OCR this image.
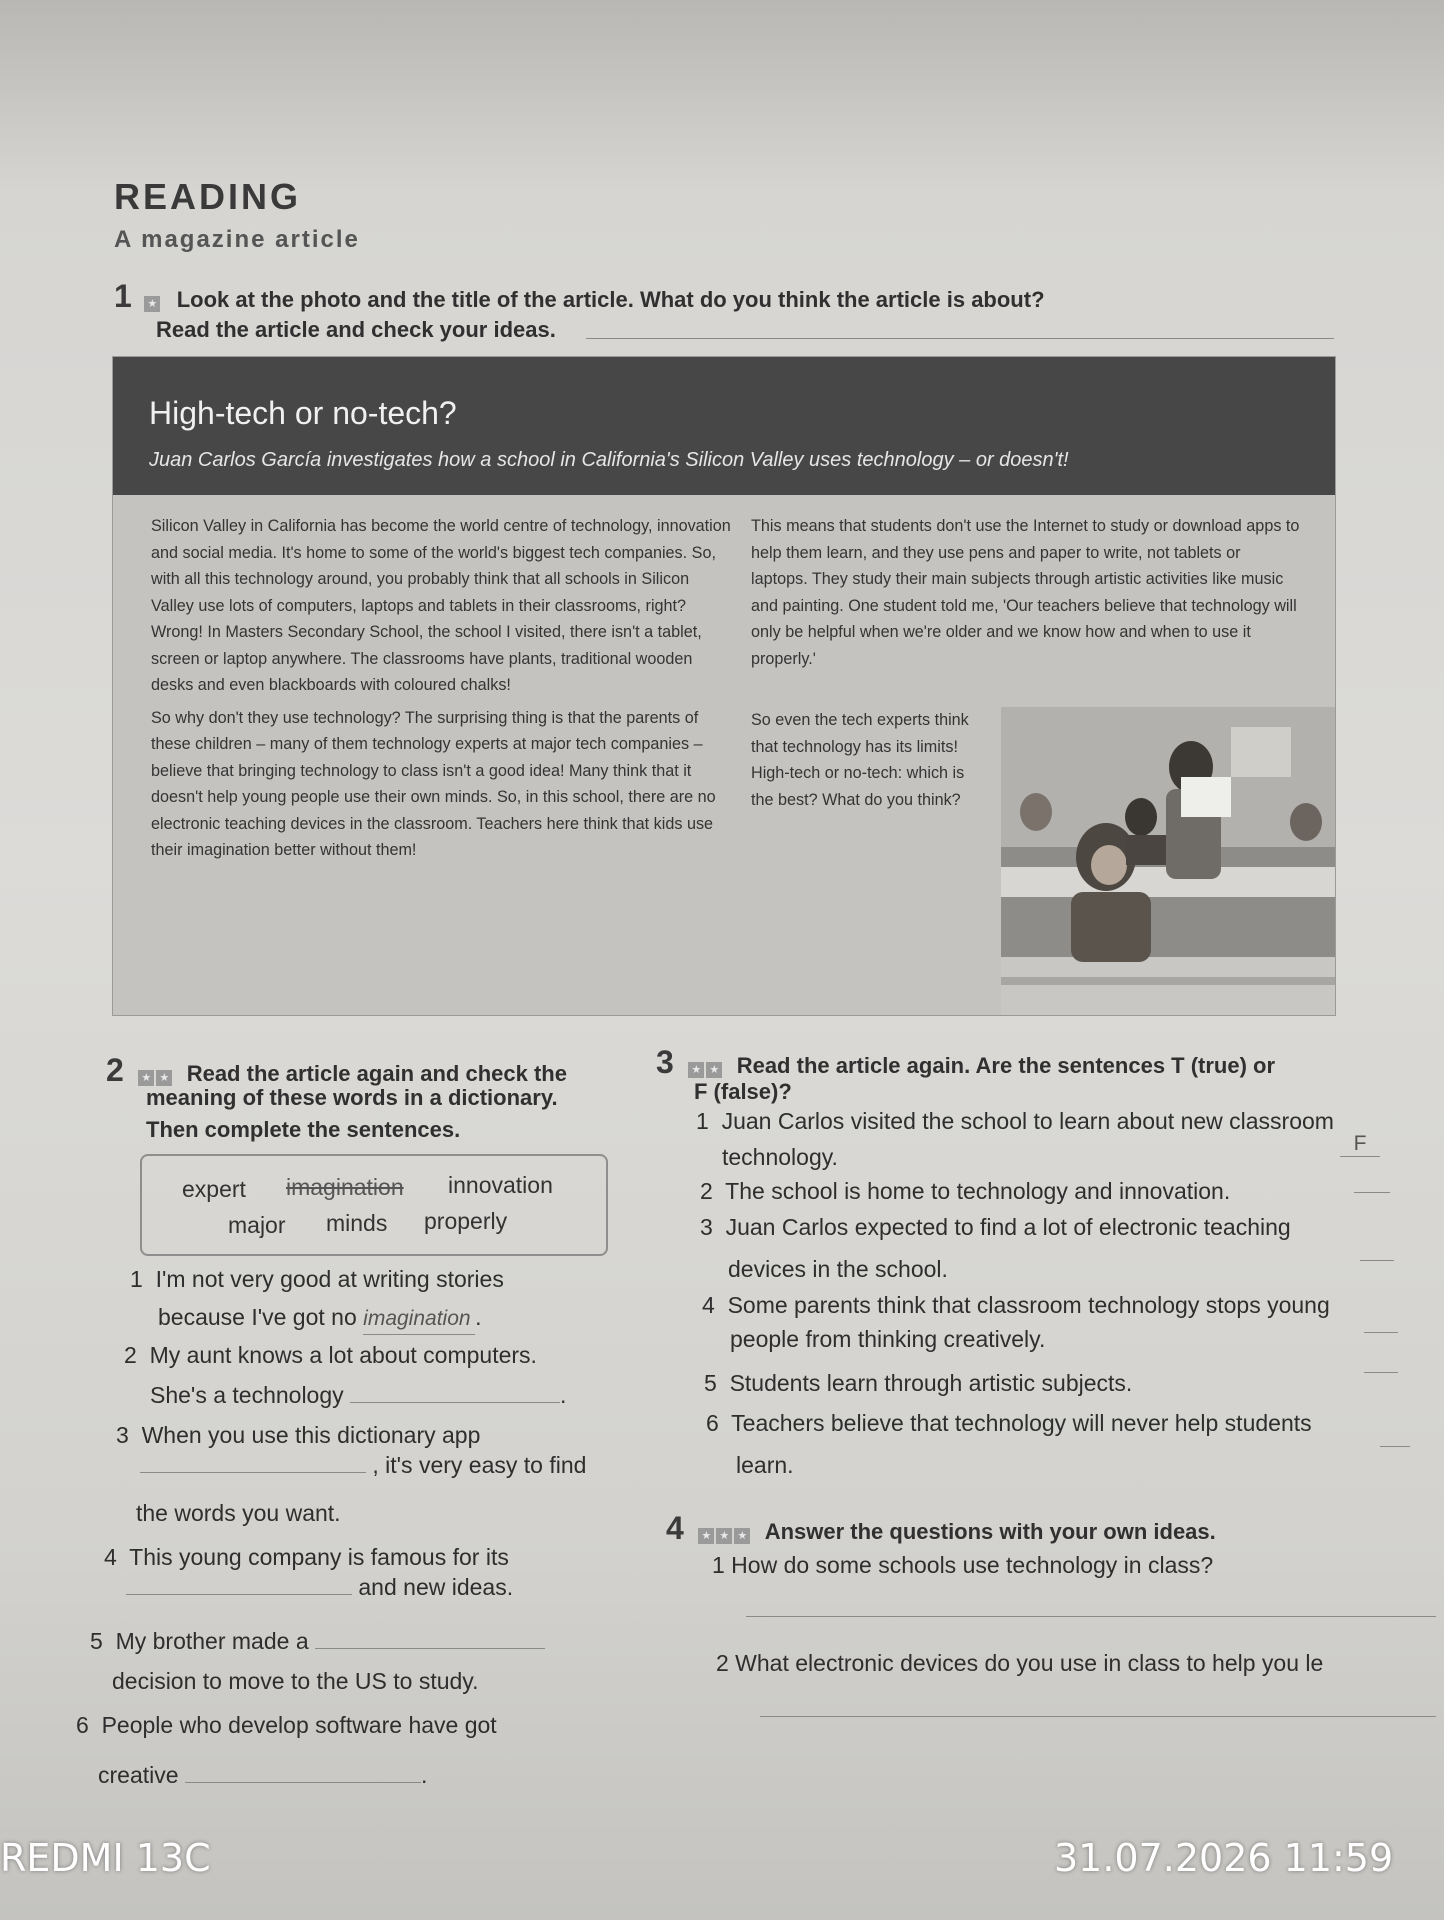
READING
A magazine article
1 ★ Look at the photo and the title of the article. What do you think the article is about?
Read the article and check your ideas.
High-tech or no-tech?
Juan Carlos García investigates how a school in California's Silicon Valley uses technology – or doesn't!

Silicon Valley in California has become the world centre of technology, innovation and social media. It's home to some of the world's biggest tech companies. So, with all this technology around, you probably think that all schools in Silicon Valley use lots of computers, laptops and tablets in their classrooms, right? Wrong! In Masters Secondary School, the school I visited, there isn't a tablet, screen or laptop anywhere. The classrooms have plants, traditional wooden desks and even blackboards with coloured chalks!

So why don't they use technology? The surprising thing is that the parents of these children – many of them technology experts at major tech companies – believe that bringing technology to class isn't a good idea! Many think that it doesn't help young people use their own minds. So, in this school, there are no electronic teaching devices in the classroom. Teachers here think that kids use their imagination better without them!

This means that students don't use the Internet to study or download apps to help them learn, and they use pens and paper to write, not tablets or laptops. They study their main subjects through artistic activities like music and painting. One student told me, 'Our teachers believe that technology will only be helpful when we're older and we know how and when to use it properly.'

So even the tech experts think that technology has its limits! High-tech or no-tech: which is the best? What do you think?

2 ★ ★ Read the article again and check the
meaning of these words in a dictionary.
Then complete the sentences.
expert imagination innovation
major minds properly
1 I'm not very good at writing stories
because I've got no imagination .
2 My aunt knows a lot about computers.
She's a technology	.
3 When you use this dictionary app
, it's very easy to find
the words you want.
4 This young company is famous for its
and new ideas.
5 My brother made a
decision to move to the US to study.
6 People who develop software have got
creative	.
3 ★ ★ Read the article again. Are the sentences T (true) or
F (false)?
1 Juan Carlos visited the school to learn about new classroom
technology.
F
2 The school is home to technology and innovation.
3 Juan Carlos expected to find a lot of electronic teaching
devices in the school.
4 Some parents think that classroom technology stops young
people from thinking creatively.
5 Students learn through artistic subjects.
6 Teachers believe that technology will never help students
learn.
4 ★ ★ ★ Answer the questions with your own ideas.
1 How do some schools use technology in class?
2 What electronic devices do you use in class to help you le
REDMI 13C	31.07.2026 11:59
